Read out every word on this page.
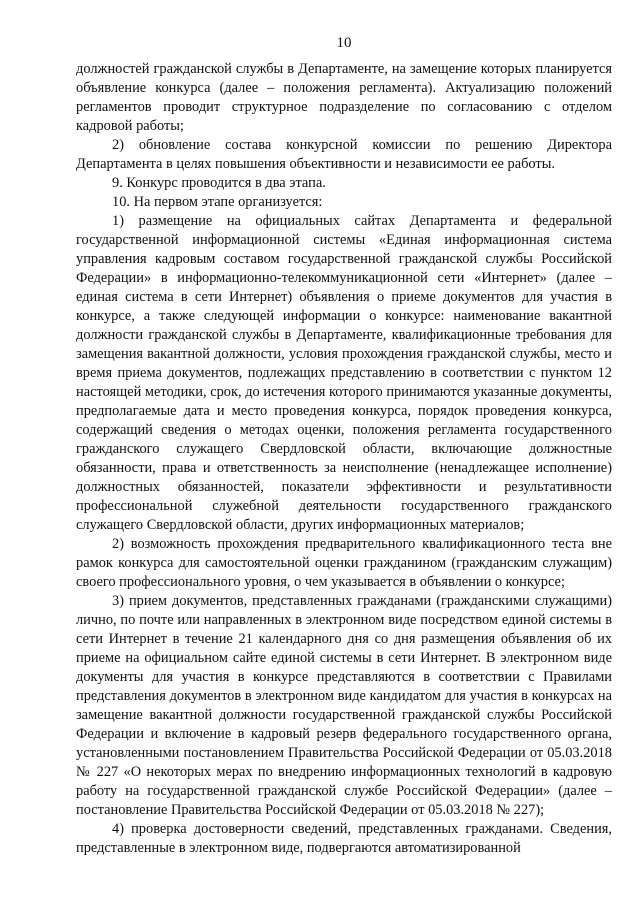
10

должностей гражданской службы в Департаменте, на замещение которых планируется объявление конкурса (далее – положения регламента). Актуализацию положений регламентов проводит структурное подразделение по согласованию с отделом кадровой работы;

2) обновление состава конкурсной комиссии по решению Директора Департамента в целях повышения объективности и независимости ее работы.

9. Конкурс проводится в два этапа.

10. На первом этапе организуется:

1) размещение на официальных сайтах Департамента и федеральной государственной информационной системы «Единая информационная система управления кадровым составом государственной гражданской службы Российской Федерации» в информационно-телекоммуникационной сети «Интернет» (далее – единая система в сети Интернет) объявления о приеме документов для участия в конкурсе, а также следующей информации о конкурсе: наименование вакантной должности гражданской службы в Департаменте, квалификационные требования для замещения вакантной должности, условия прохождения гражданской службы, место и время приема документов, подлежащих представлению в соответствии с пунктом 12 настоящей методики, срок, до истечения которого принимаются указанные документы, предполагаемые дата и место проведения конкурса, порядок проведения конкурса, содержащий сведения о методах оценки, положения регламента государственного гражданского служащего Свердловской области, включающие должностные обязанности, права и ответственность за неисполнение (ненадлежащее исполнение) должностных обязанностей, показатели эффективности и результативности профессиональной служебной деятельности государственного гражданского служащего Свердловской области, других информационных материалов;

2) возможность прохождения предварительного квалификационного теста вне рамок конкурса для самостоятельной оценки гражданином (гражданским служащим) своего профессионального уровня, о чем указывается в объявлении о конкурсе;

3) прием документов, представленных гражданами (гражданскими служащими) лично, по почте или направленных в электронном виде посредством единой системы в сети Интернет в течение 21 календарного дня со дня размещения объявления об их приеме на официальном сайте единой системы в сети Интернет. В электронном виде документы для участия в конкурсе представляются в соответствии с Правилами представления документов в электронном виде кандидатом для участия в конкурсах на замещение вакантной должности государственной гражданской службы Российской Федерации и включение в кадровый резерв федерального государственного органа, установленными постановлением Правительства Российской Федерации от 05.03.2018 № 227 «О некоторых мерах по внедрению информационных технологий в кадровую работу на государственной гражданской службе Российской Федерации» (далее – постановление Правительства Российской Федерации от 05.03.2018 № 227);

4) проверка достоверности сведений, представленных гражданами. Сведения, представленные в электронном виде, подвергаются автоматизированной
